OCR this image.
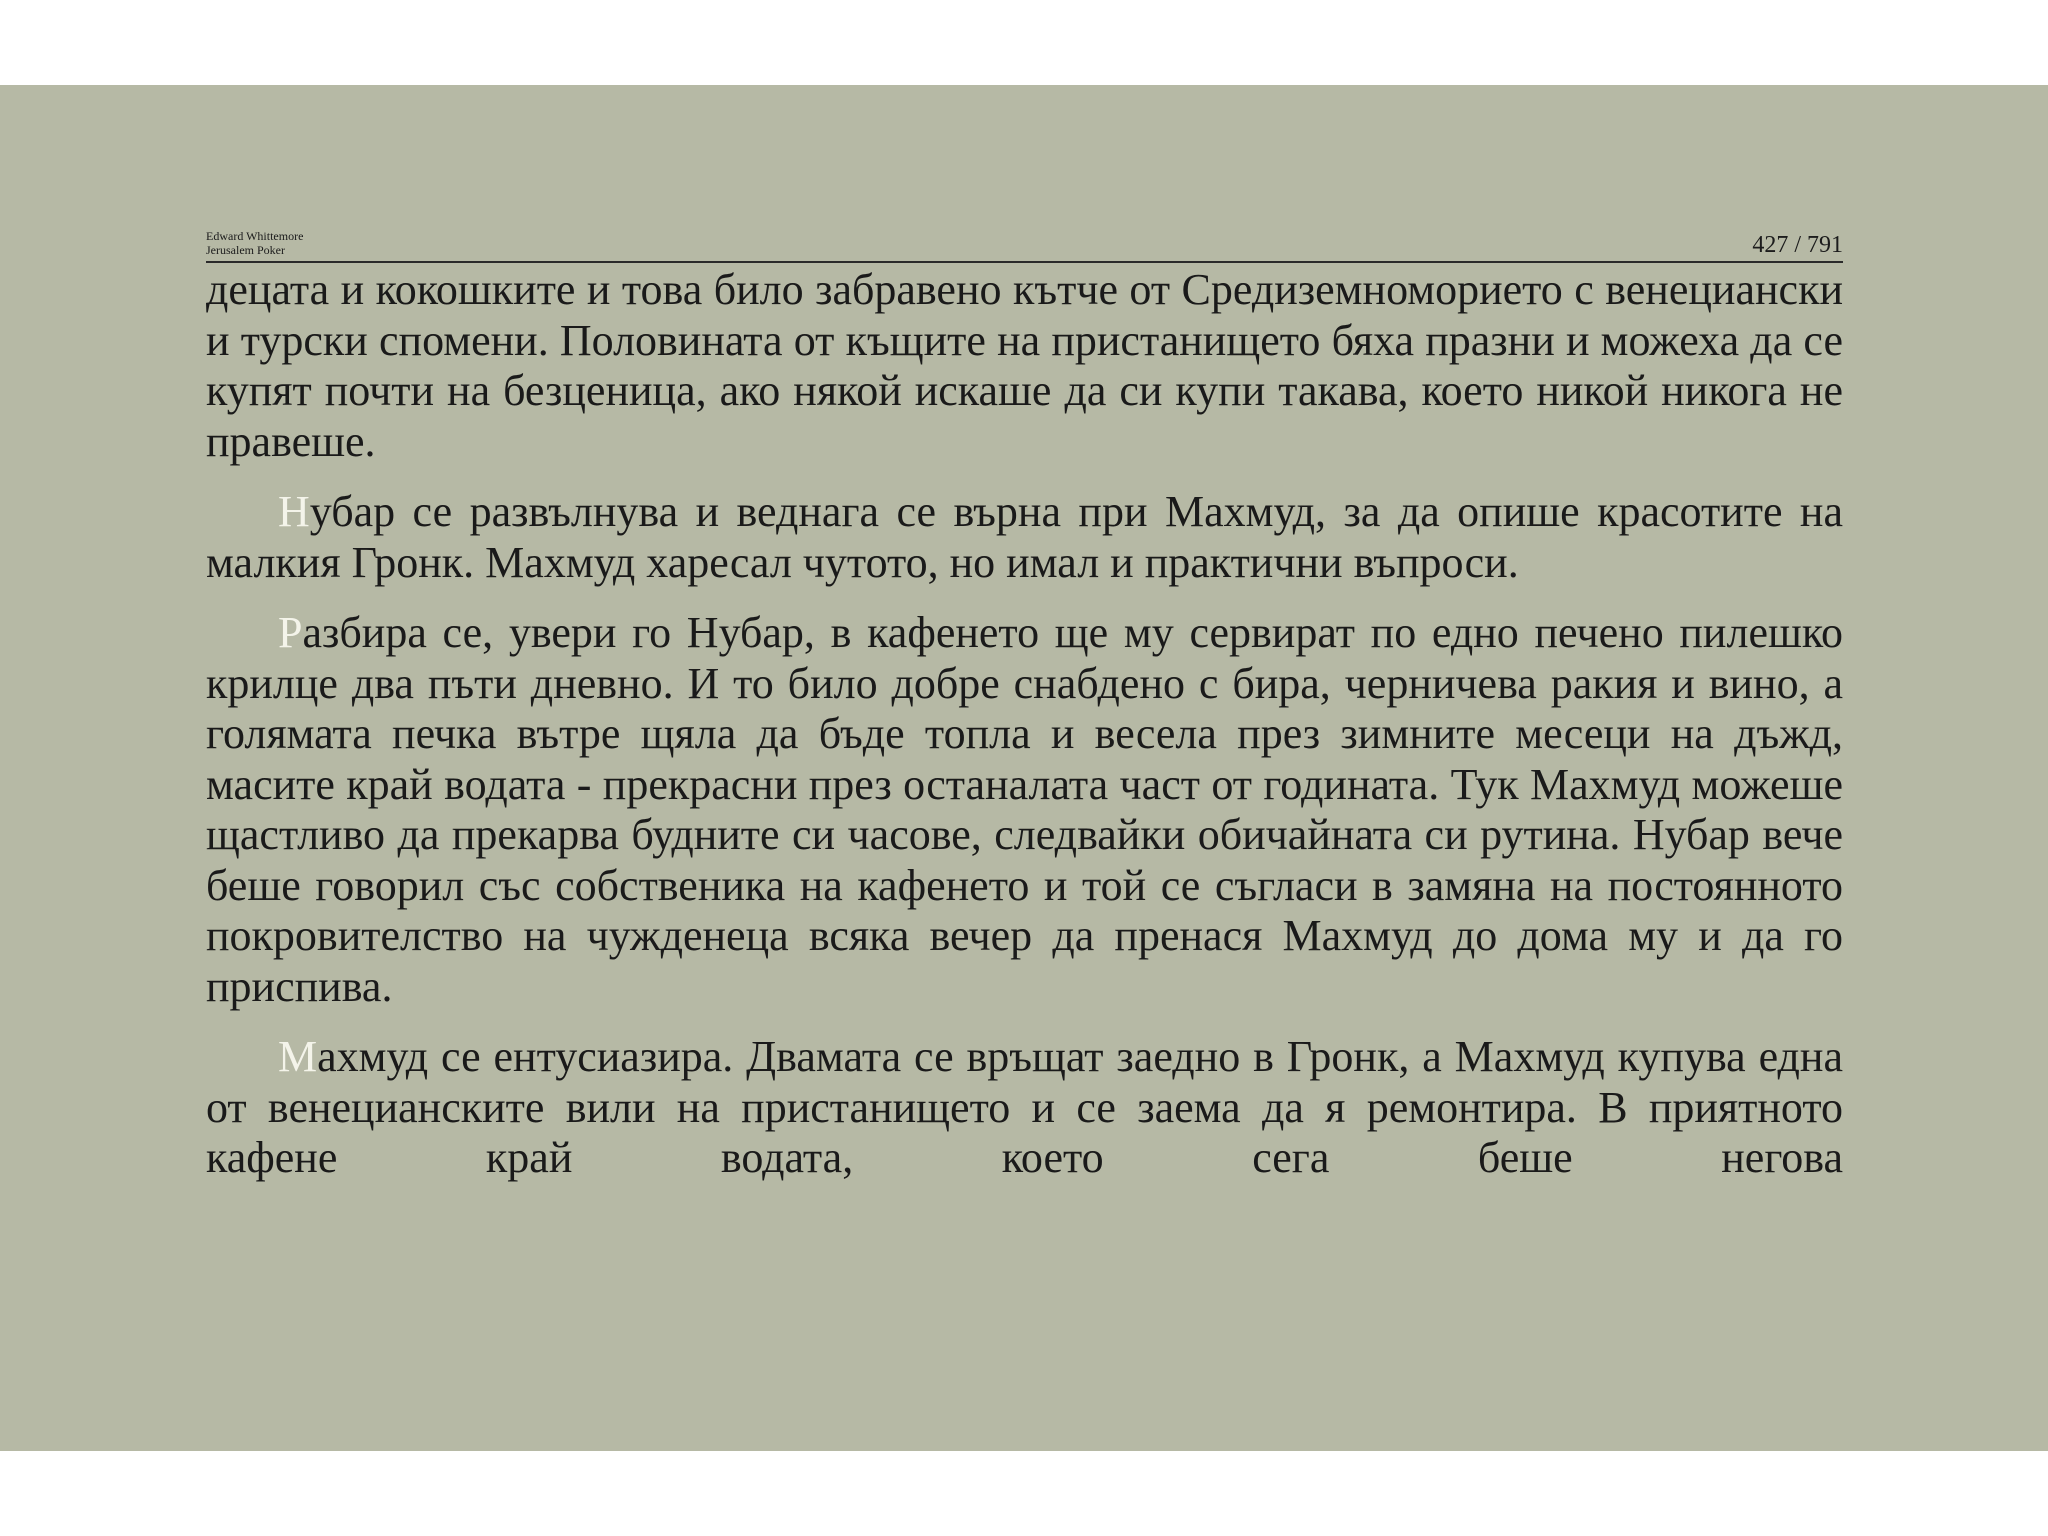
Edward Whittemore
Jerusalem Poker	427 / 791

децата и кокошките и това било забравено кътче от Средиземноморието с венециански и турски спомени. Половината от къщите на пристанището бяха празни и можеха да се купят почти на безценица, ако някой искаше да си купи такава, което никой никога не правеше.

Нубар се развълнува и веднага се върна при Махмуд, за да опише красотите на малкия Гронк. Махмуд харесал чутото, но имал и практични въпроси.

Разбира се, увери го Нубар, в кафенето ще му сервират по едно печено пилешко крилце два пъти дневно. И то било добре снабдено с бира, черничева ракия и вино, а голямата печка вътре щяла да бъде топла и весела през зимните месеци на дъжд, масите край водата - прекрасни през останалата част от годината. Тук Махмуд можеше щастливо да прекарва будните си часове, следвайки обичайната си рутина. Нубар вече беше говорил със собственика на кафенето и той се съгласи в замяна на постоянното покровителство на чужденеца всяка вечер да пренася Махмуд до дома му и да го приспива.

Махмуд се ентусиазира. Двамата се връщат заедно в Гронк, а Махмуд купува една от венецианските вили на пристанището и се заема да я ремонтира. В приятното кафене край водата, което сега беше негова
